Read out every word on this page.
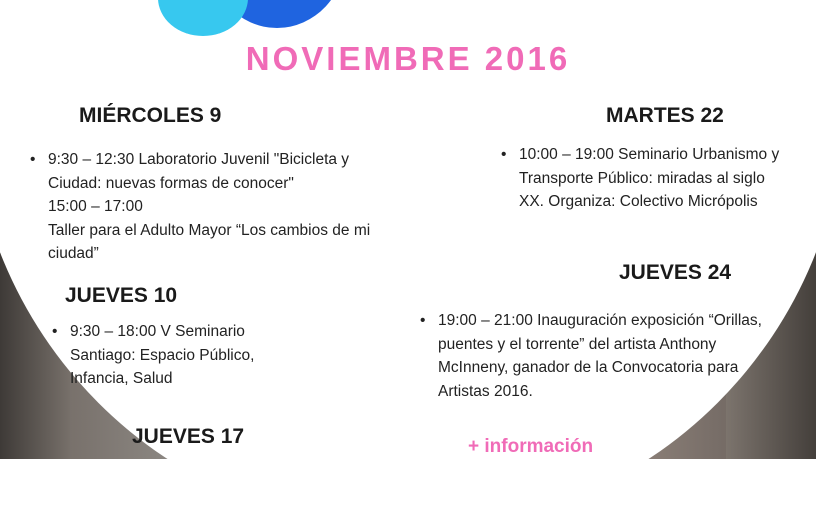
NOVIEMBRE 2016
MIÉRCOLES 9
• 9:30 – 12:30 Laboratorio Juvenil "Bicicleta y
Ciudad: nuevas formas de conocer"
15:00 – 17:00
Taller para el Adulto Mayor “Los cambios de mi
ciudad”
JUEVES 10
• 9:30 – 18:00 V Seminario
Santiago: Espacio Público,
Infancia, Salud
JUEVES 17
MARTES 22
• 10:00 – 19:00 Seminario Urbanismo y
Transporte Público: miradas al siglo
XX. Organiza: Colectivo Micrópolis
JUEVES 24
• 19:00 – 21:00 Inauguración exposición “Orillas,
puentes y el torrente” del artista Anthony
McInneny, ganador de la Convocatoria para
Artistas 2016.
+ información
